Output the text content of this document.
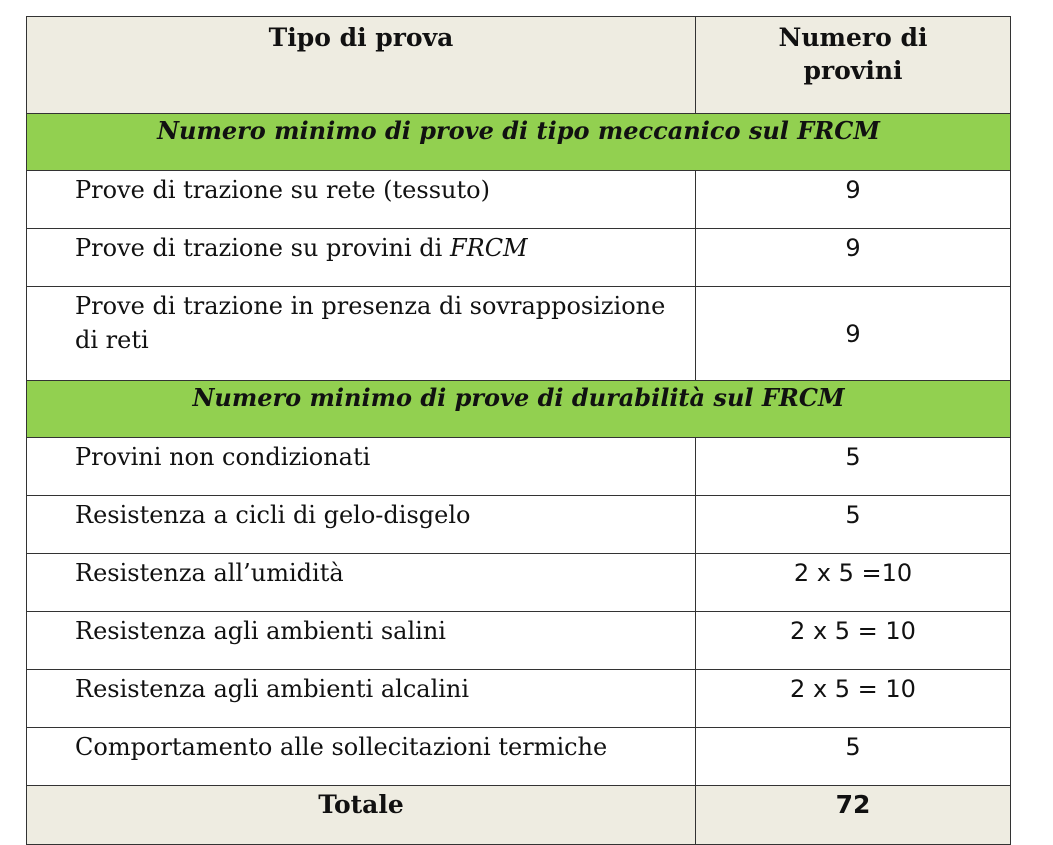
Tipo di prova	Numero di
provini
Numero minimo di prove di tipo meccanico sul FRCM	
Prove di trazione su rete (tessuto)	9
Prove di trazione su provini di FRCM	9
Prove di trazione in presenza di sovrapposizione
di reti	9
Numero minimo di prove di durabilità sul FRCM	
Provini non condizionati	5
Resistenza a cicli di gelo-disgelo	5
Resistenza all’umidità	2 x 5 =10
Resistenza agli ambienti salini	2 x 5 = 10
Resistenza agli ambienti alcalini	2 x 5 = 10
Comportamento alle sollecitazioni termiche	5
Totale	72
